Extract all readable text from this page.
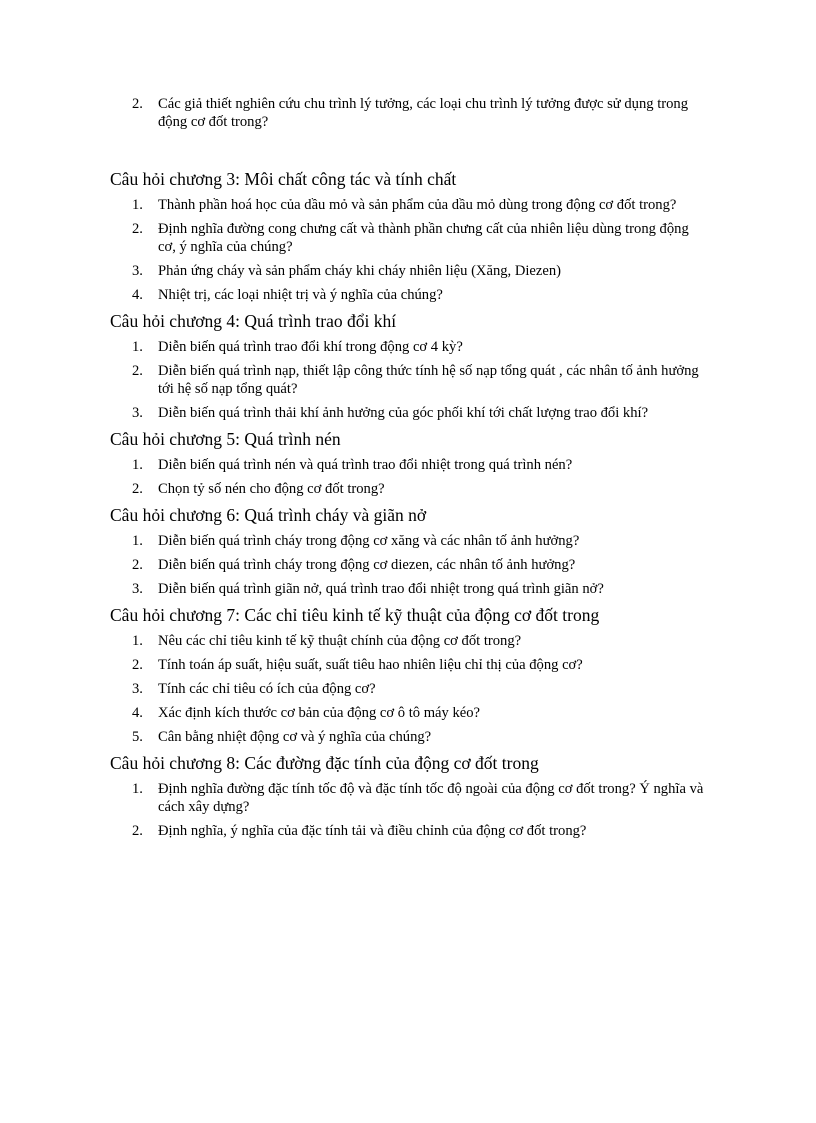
2.	Các giả thiết nghiên cứu chu trình lý tưởng, các loại chu trình lý tưởng được sử dụng trong động cơ đốt trong?
Câu hỏi chương 3: Môi chất công tác và tính chất
1.	Thành phần hoá học của dầu mỏ và sản phẩm của dầu mỏ dùng trong động cơ đốt trong?
2.	Định nghĩa đường cong chưng cất và thành phần chưng cất của nhiên liệu dùng trong động cơ, ý nghĩa của chúng?
3.	Phản ứng cháy và sản phẩm cháy khi cháy nhiên liệu (Xăng, Diezen)
4.	Nhiệt trị, các loại nhiệt trị và ý nghĩa của chúng?
Câu hỏi chương 4: Quá trình trao đổi khí
1.	Diễn biến quá trình trao đổi khí trong động cơ 4 kỳ?
2.	Diễn biến quá trình nạp, thiết lập công thức tính hệ số nạp tổng quát , các nhân tố ảnh hưởng tới hệ số nạp tổng quát?
3.	Diễn biến quá trình thải khí ảnh hưởng của góc phối khí tới chất lượng trao đổi khí?
Câu hỏi chương 5: Quá trình nén
1.	Diễn biến quá trình nén và quá trình trao đổi nhiệt trong quá trình nén?
2.	Chọn tỷ số nén cho động cơ đốt trong?
Câu hỏi chương 6: Quá trình cháy và giãn nở
1.	Diễn biến quá trình cháy trong động cơ xăng và các nhân tố ảnh hưởng?
2.	Diễn biến quá trình cháy trong động cơ diezen, các nhân tố ảnh hưởng?
3.	Diễn biến quá trình giãn nở, quá trình trao đổi nhiệt trong quá trình giãn nở?
Câu hỏi chương 7: Các chỉ tiêu kinh tế kỹ thuật của động cơ đốt trong
1.	Nêu các chỉ tiêu kinh tế kỹ thuật chính của động cơ đốt trong?
2.	Tính toán áp suất, hiệu suất, suất tiêu hao nhiên liệu chỉ thị của động cơ?
3.	Tính các chỉ tiêu có ích của động cơ?
4.	Xác định kích thước cơ bản của động cơ ô tô máy kéo?
5.	Cân bằng nhiệt động cơ và ý nghĩa của chúng?
Câu hỏi chương 8: Các đường đặc tính của động cơ đốt trong
1.	Định nghĩa đường đặc tính tốc độ và đặc tính tốc độ ngoài của động cơ đốt trong? Ý nghĩa và cách xây dựng?
2.	Định nghĩa, ý nghĩa của đặc tính tải và điều chỉnh của động cơ đốt trong?
